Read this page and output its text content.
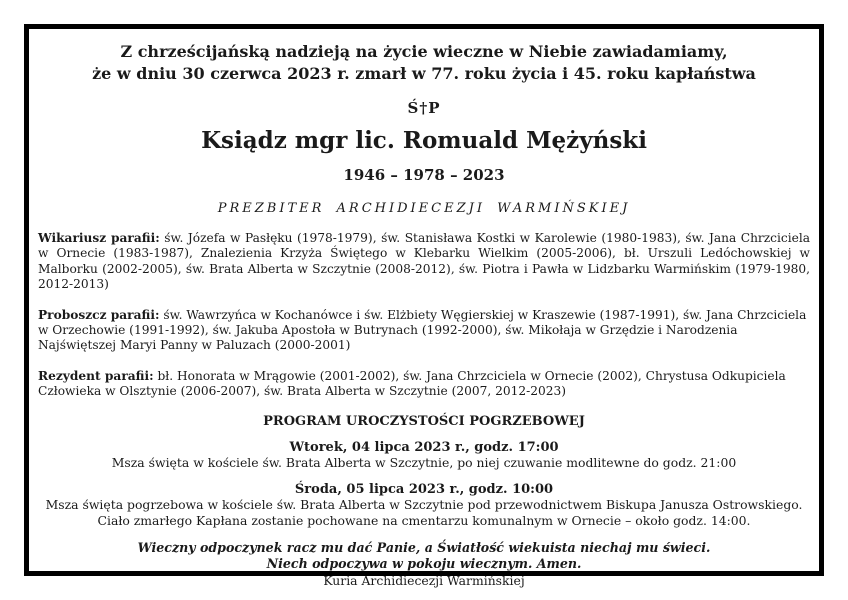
Z chrześcijańską nadzieją na życie wieczne w Niebie zawiadamiamy,
że w dniu 30 czerwca 2023 r. zmarł w 77. roku życia i 45. roku kapłaństwa
Ś†P
Ksiądz mgr lic. Romuald Mężyński
1946 – 1978 – 2023
PREZBITER ARCHIDIECEZJI WARMIŃSKIEJ

Wikariusz parafii: św. Józefa w Pasłęku (1978-1979), św. Stanisława Kostki w Karolewie (1980-1983), św. Jana Chrzciciela w Ornecie (1983-1987), Znalezienia Krzyża Świętego w Klebarku Wielkim (2005-2006), bł. Urszuli Ledóchowskiej w Malborku (2002-2005), św. Brata Alberta w Szczytnie (2008-2012), św. Piotra i Pawła w Lidzbarku Warmińskim (1979-1980, 2012-2013)

Proboszcz parafii: św. Wawrzyńca w Kochanówce i św. Elżbiety Węgierskiej w Kraszewie (1987-1991), św. Jana Chrzciciela w Orzechowie (1991-1992), św. Jakuba Apostoła w Butrynach (1992-2000), św. Mikołaja w Grzędzie i Narodzenia Najświętszej Maryi Panny w Paluzach (2000-2001)

Rezydent parafii: bł. Honorata w Mrągowie (2001-2002), św. Jana Chrzciciela w Ornecie (2002), Chrystusa Odkupiciela Człowieka w Olsztynie (2006-2007), św. Brata Alberta w Szczytnie (2007, 2012-2023)

PROGRAM UROCZYSTOŚCI POGRZEBOWEJ
Wtorek, 04 lipca 2023 r., godz. 17:00
Msza święta w kościele św. Brata Alberta w Szczytnie, po niej czuwanie modlitewne do godz. 21:00
Środa, 05 lipca 2023 r., godz. 10:00
Msza święta pogrzebowa w kościele św. Brata Alberta w Szczytnie pod przewodnictwem Biskupa Janusza Ostrowskiego.
Ciało zmarłego Kapłana zostanie pochowane na cmentarzu komunalnym w Ornecie – około godz. 14:00.
Wieczny odpoczynek racz mu dać Panie, a Światłość wiekuista niechaj mu świeci.
Niech odpoczywa w pokoju wiecznym. Amen.
Kuria Archidiecezji Warmińskiej
